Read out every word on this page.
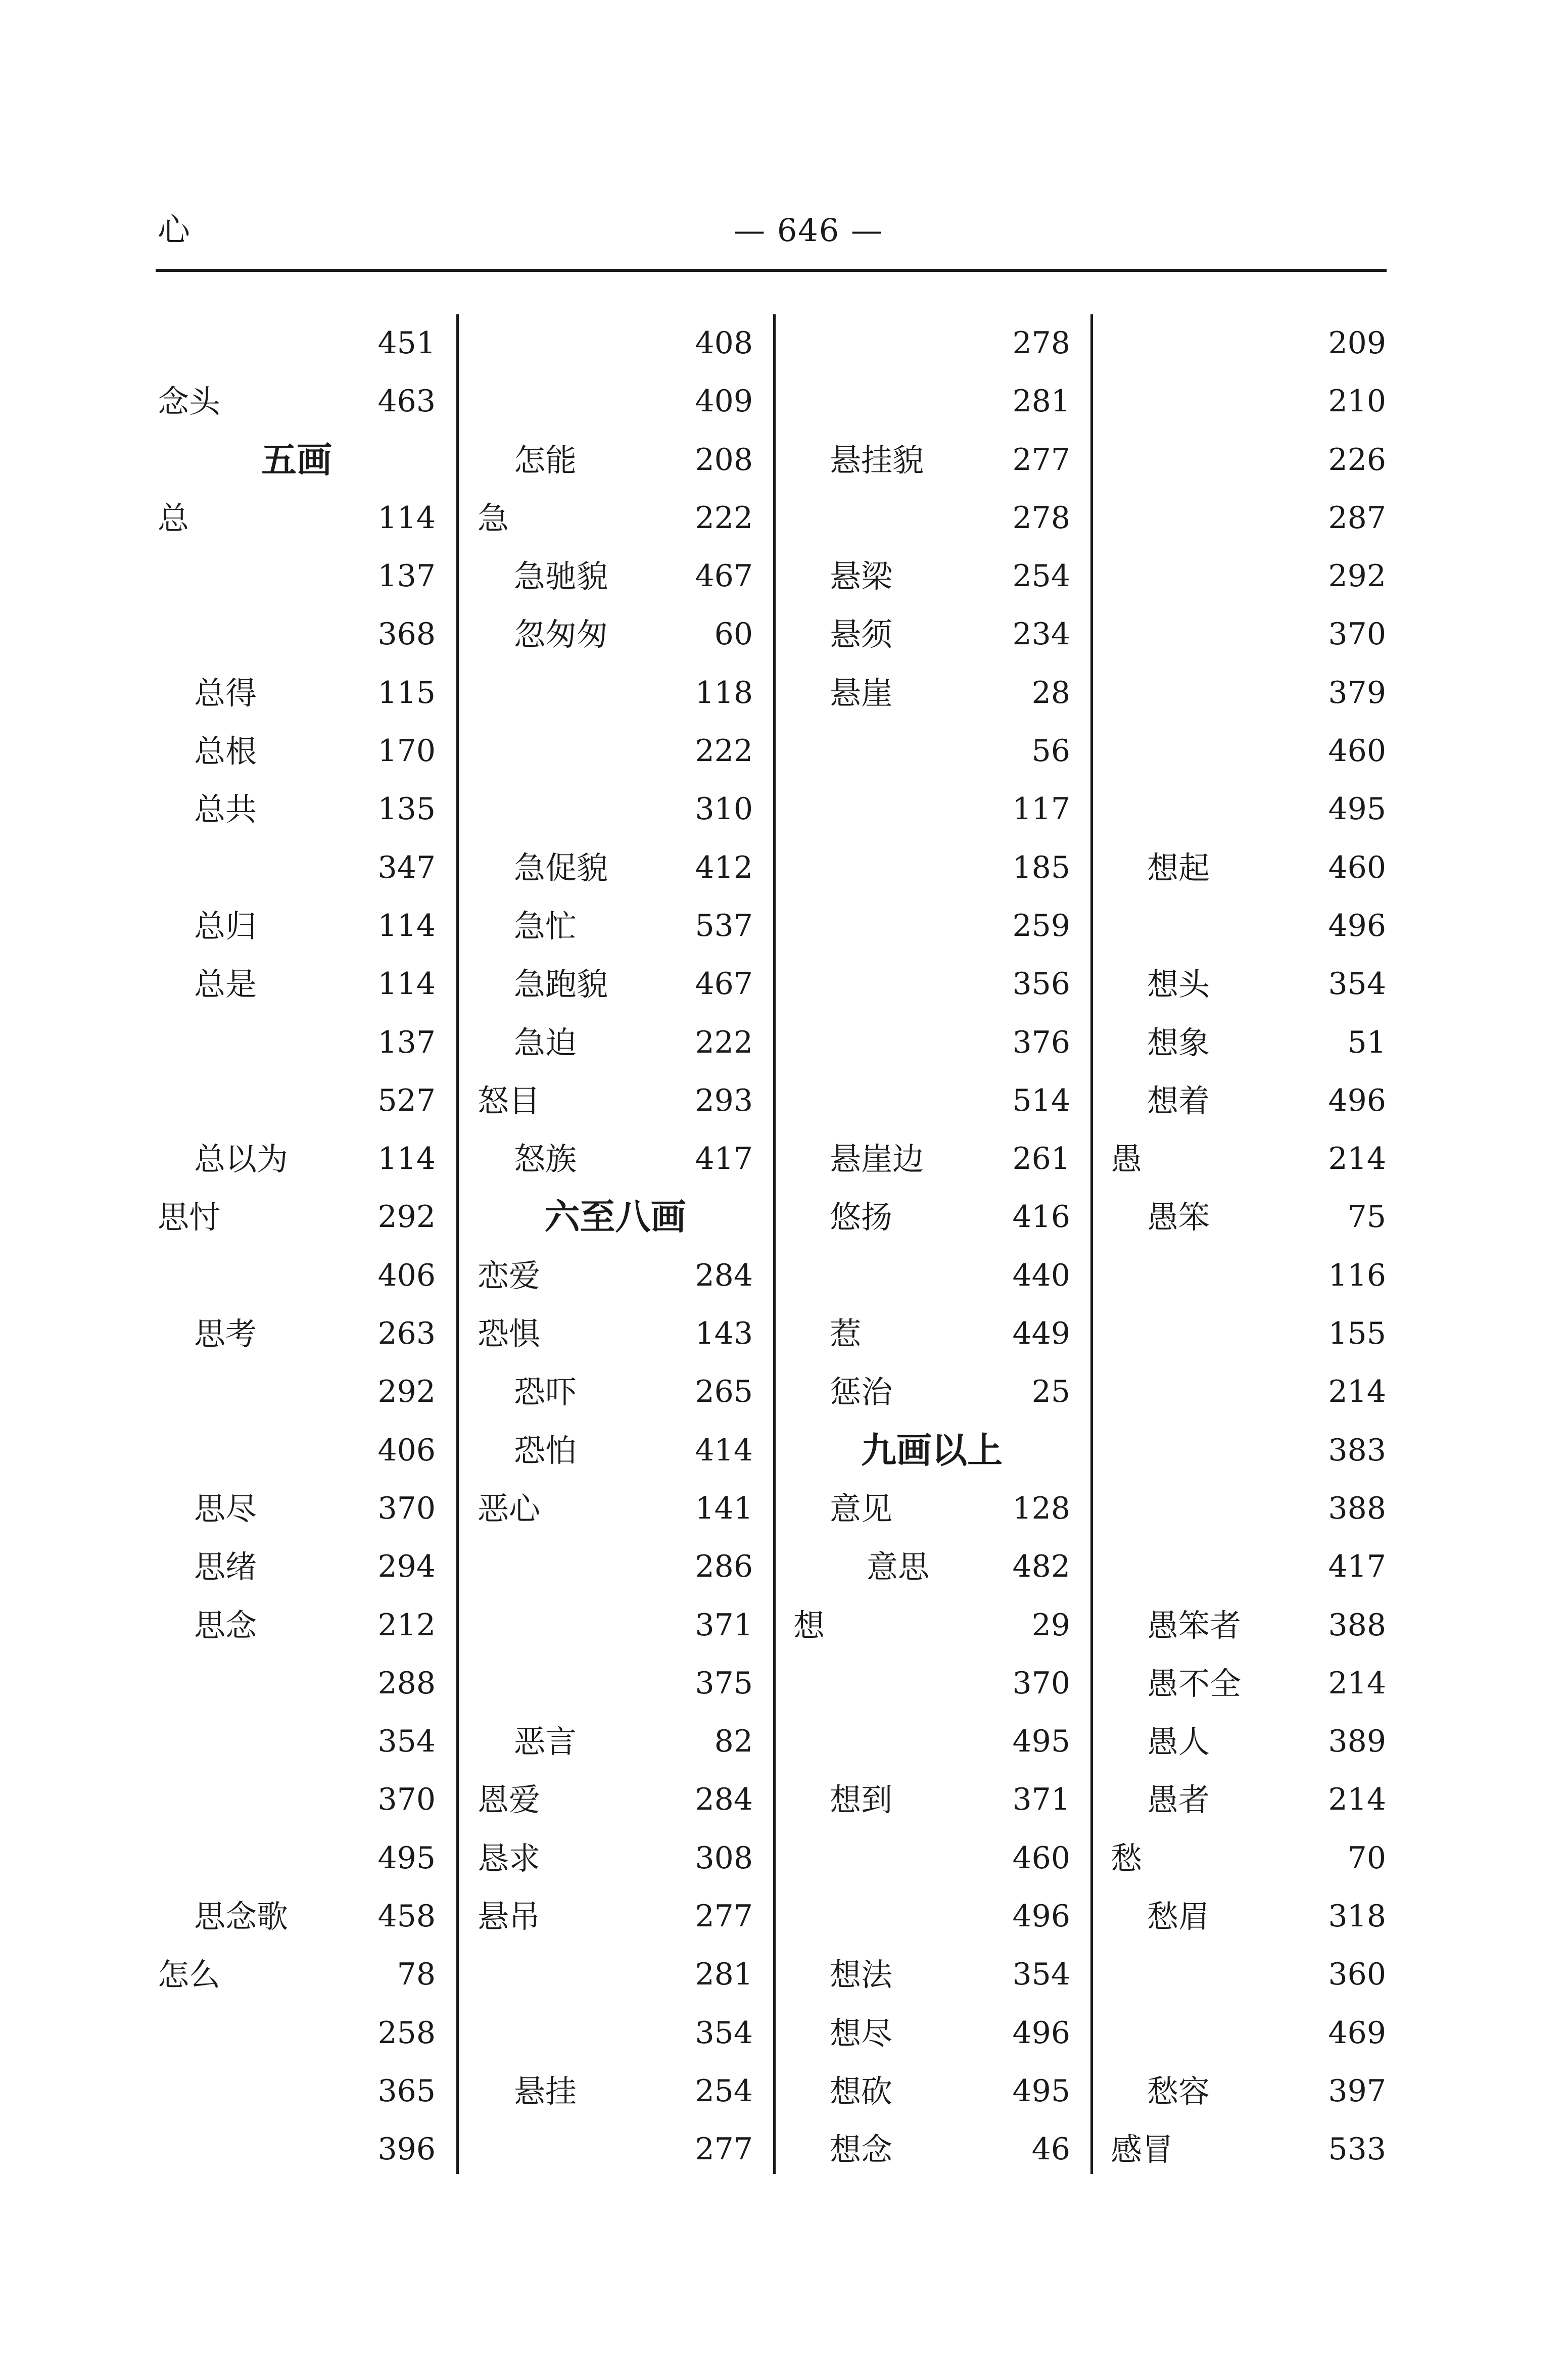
心	— 646 —
451
念头	463
五画
总	114
137
368
总得	115
总根	170
总共	135
347
总归	114
总是	114
137
527
总以为	114
思忖	292
406
思考	263
292
406
思尽	370
思绪	294
思念	212
288
354
370
495
思念歌	458
怎么	78
258
365
396
408
409
怎能	208
急	222
急驰貌	467
忽匆匆	60
118
222
310
急促貌	412
急忙	537
急跑貌	467
急迫	222
怒目	293
怒族	417
六至八画
恋爱	284
恐惧	143
恐吓	265
恐怕	414
恶心	141
286
371
375
恶言	82
恩爱	284
恳求	308
悬吊	277
281
354
悬挂	254
277
278
281
悬挂貌	277
278
悬梁	254
悬须	234
悬崖	28
56
117
185
259
356
376
514
悬崖边	261
悠扬	416
440
惹	449
惩治	25
九画以上
意见	128
意思	482
想	29
370
495
想到	371
460
496
想法	354
想尽	496
想砍	495
想念	46
209
210
226
287
292
370
379
460
495
想起	460
496
想头	354
想象	51
想着	496
愚	214
愚笨	75
116
155
214
383
388
417
愚笨者	388
愚不全	214
愚人	389
愚者	214
愁	70
愁眉	318
360
469
愁容	397
感冒	533
